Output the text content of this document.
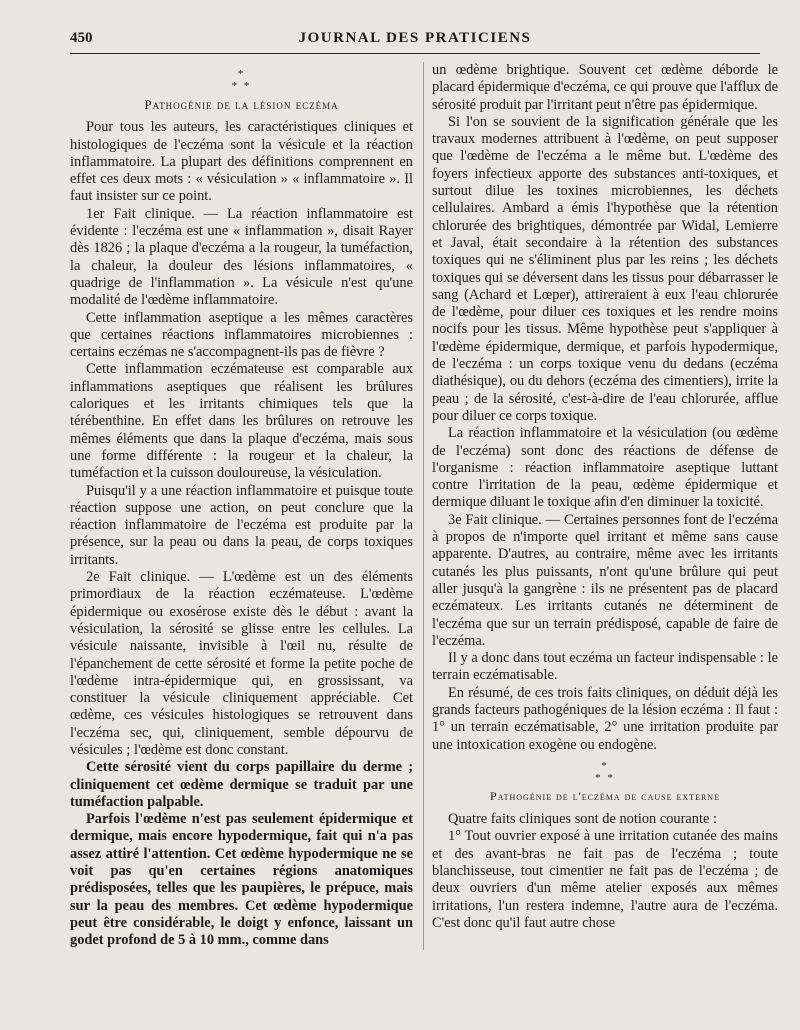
450	JOURNAL DES PRATICIENS
*
* *
Pathogénie de la lésion eczéma

Pour tous les auteurs, les caractéristiques cliniques et histologiques de l'eczéma sont la vésicule et la réaction inflammatoire. La plupart des définitions comprennent en effet ces deux mots : « vésiculation » « inflammatoire ». Il faut insister sur ce point.

1er Fait clinique. — La réaction inflammatoire est évidente : l'eczéma est une « inflammation », disait Rayer dès 1826 ; la plaque d'eczéma a la rougeur, la tuméfaction, la chaleur, la douleur des lésions inflammatoires, « quadrige de l'inflammation ». La vésicule n'est qu'une modalité de l'œdème inflammatoire.

Cette inflammation aseptique a les mêmes caractères que certaines réactions inflammatoires microbiennes : certains eczémas ne s'accompagnent-ils pas de fièvre ?

Cette inflammation eczémateuse est comparable aux inflammations aseptiques que réalisent les brûlures caloriques et les irritants chimiques tels que la térébenthine. En effet dans les brûlures on retrouve les mêmes éléments que dans la plaque d'eczéma, mais sous une forme différente : la rougeur et la chaleur, la tuméfaction et la cuisson douloureuse, la vésiculation.

Puisqu'il y a une réaction inflammatoire et puisque toute réaction suppose une action, on peut conclure que la réaction inflammatoire de l'eczéma est produite par la présence, sur la peau ou dans la peau, de corps toxiques irritants.

2e Fait clinique. — L'œdème est un des éléments primordiaux de la réaction eczémateuse. L'œdème épidermique ou exosérose existe dès le début : avant la vésiculation, la sérosité se glisse entre les cellules. La vésicule naissante, invisible à l'œil nu, résulte de l'épanchement de cette sérosité et forme la petite poche de l'œdème intra-épidermique qui, en grossissant, va constituer la vésicule cliniquement appréciable. Cet œdème, ces vésicules histologiques se retrouvent dans l'eczéma sec, qui, cliniquement, semble dépourvu de vésicules ; l'œdème est donc constant.

Cette sérosité vient du corps papillaire du derme ; cliniquement cet œdème dermique se traduit par une tuméfaction palpable.

Parfois l'œdème n'est pas seulement épidermique et dermique, mais encore hypodermique, fait qui n'a pas assez attiré l'attention. Cet œdème hypodermique ne se voit pas qu'en certaines régions anatomiques prédisposées, telles que les paupières, le prépuce, mais sur la peau des membres. Cet œdème hypodermique peut être considérable, le doigt y enfonce, laissant un godet profond de 5 à 10 mm., comme dans

un œdème brightique. Souvent cet œdème déborde le placard épidermique d'eczéma, ce qui prouve que l'afflux de sérosité produit par l'irritant peut n'être pas épidermique.

Si l'on se souvient de la signification générale que les travaux modernes attribuent à l'œdème, on peut supposer que l'œdème de l'eczéma a le même but. L'œdème des foyers infectieux apporte des substances anti-toxiques, et surtout dilue les toxines microbiennes, les déchets cellulaires. Ambard a émis l'hypothèse que la rétention chlorurée des brightiques, démontrée par Widal, Lemierre et Javal, était secondaire à la rétention des substances toxiques qui ne s'éliminent plus par les reins ; les déchets toxiques qui se déversent dans les tissus pour débarrasser le sang (Achard et Lœper), attireraient à eux l'eau chlorurée de l'œdème, pour diluer ces toxiques et les rendre moins nocifs pour les tissus. Même hypothèse peut s'appliquer à l'œdème épidermique, dermique, et parfois hypodermique, de l'eczéma : un corps toxique venu du dedans (eczéma diathésique), ou du dehors (eczéma des cimentiers), irrite la peau ; de la sérosité, c'est-à-dire de l'eau chlorurée, afflue pour diluer ce corps toxique.

La réaction inflammatoire et la vésiculation (ou œdème de l'eczéma) sont donc des réactions de défense de l'organisme : réaction inflammatoire aseptique luttant contre l'irritation de la peau, œdème épidermique et dermique diluant le toxique afin d'en diminuer la toxicité.

3e Fait clinique. — Certaines personnes font de l'eczéma à propos de n'importe quel irritant et même sans cause apparente. D'autres, au contraire, même avec les irritants cutanés les plus puissants, n'ont qu'une brûlure qui peut aller jusqu'à la gangrène : ils ne présentent pas de placard eczémateux. Les irritants cutanés ne déterminent de l'eczéma que sur un terrain prédisposé, capable de faire de l'eczéma.

Il y a donc dans tout eczéma un facteur indispensable : le terrain eczématisable.

En résumé, de ces trois faits cliniques, on déduit déjà les grands facteurs pathogéniques de la lésion eczéma : Il faut : 1° un terrain eczématisable, 2° une irritation produite par une intoxication exogène ou endogène.

*
* *
Pathogénie de l'eczéma de cause externe

Quatre faits cliniques sont de notion courante :

1° Tout ouvrier exposé à une irritation cutanée des mains et des avant-bras ne fait pas de l'eczéma ; toute blanchisseuse, tout cimentier ne fait pas de l'eczéma ; de deux ouvriers d'un même atelier exposés aux mêmes irritations, l'un restera indemne, l'autre aura de l'eczéma. C'est donc qu'il faut autre chose
